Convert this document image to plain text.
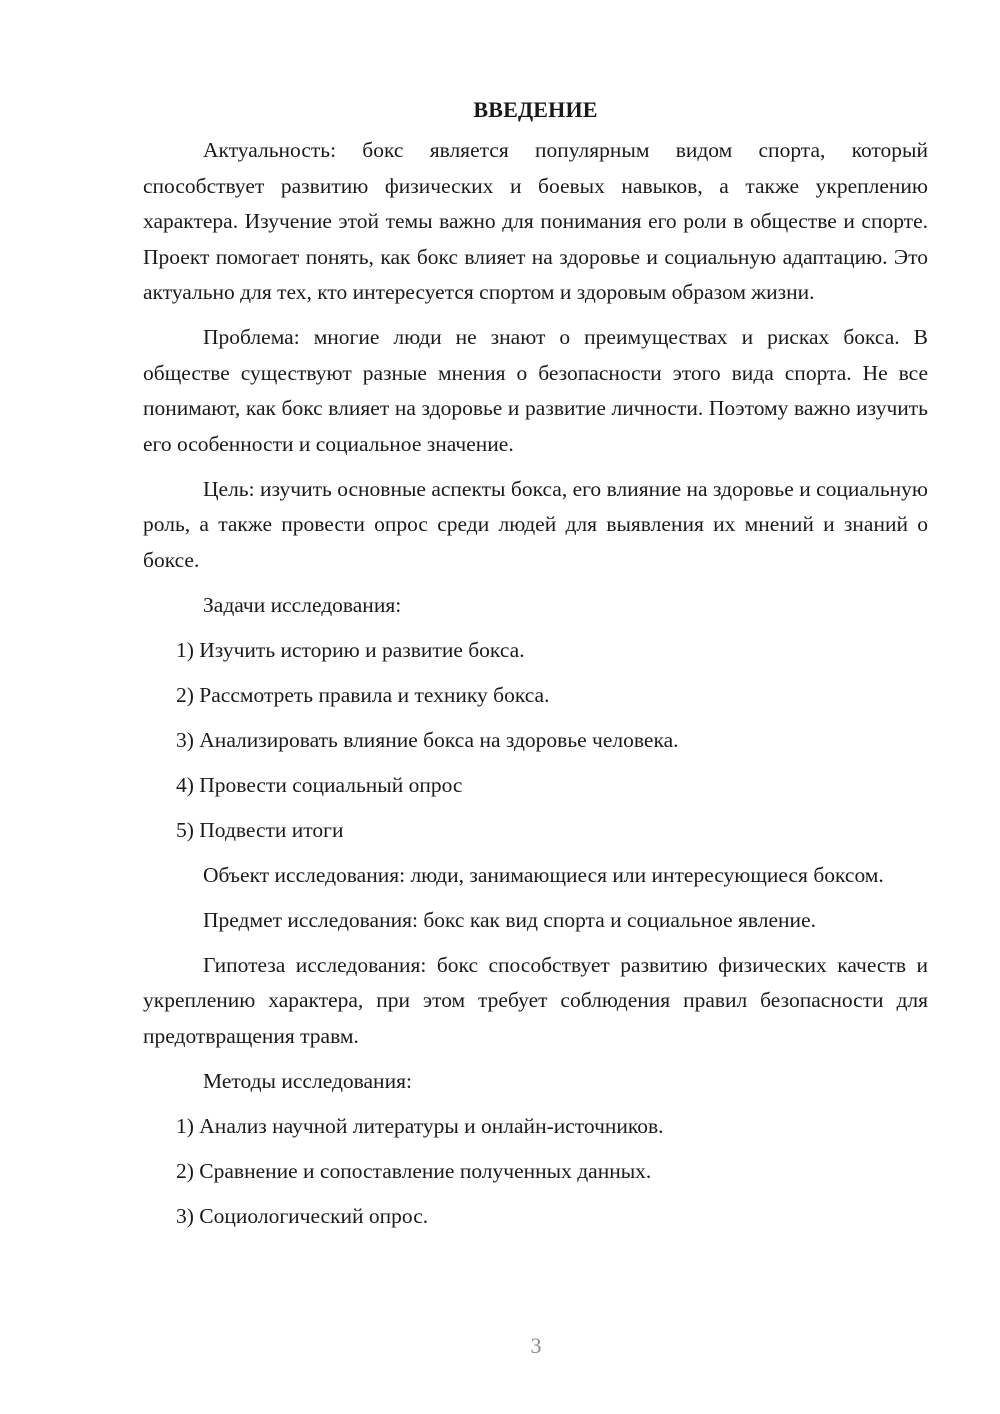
ВВЕДЕНИЕ

Актуальность: бокс является популярным видом спорта, который способствует развитию физических и боевых навыков, а также укреплению характера. Изучение этой темы важно для понимания его роли в обществе и спорте. Проект помогает понять, как бокс влияет на здоровье и социальную адаптацию. Это актуально для тех, кто интересуется спортом и здоровым образом жизни.

Проблема: многие люди не знают о преимуществах и рисках бокса. В обществе существуют разные мнения о безопасности этого вида спорта. Не все понимают, как бокс влияет на здоровье и развитие личности. Поэтому важно изучить его особенности и социальное значение.

Цель: изучить основные аспекты бокса, его влияние на здоровье и социальную роль, а также провести опрос среди людей для выявления их мнений и знаний о боксе.

Задачи исследования:

1) Изучить историю и развитие бокса.

2) Рассмотреть правила и технику бокса.

3) Анализировать влияние бокса на здоровье человека.

4) Провести социальный опрос

5) Подвести итоги

Объект исследования: люди, занимающиеся или интересующиеся боксом.

Предмет исследования: бокс как вид спорта и социальное явление.

Гипотеза исследования: бокс способствует развитию физических качеств и укреплению характера, при этом требует соблюдения правил безопасности для предотвращения травм.

Методы исследования:

1) Анализ научной литературы и онлайн-источников.

2) Сравнение и сопоставление полученных данных.

3) Социологический опрос.

3
